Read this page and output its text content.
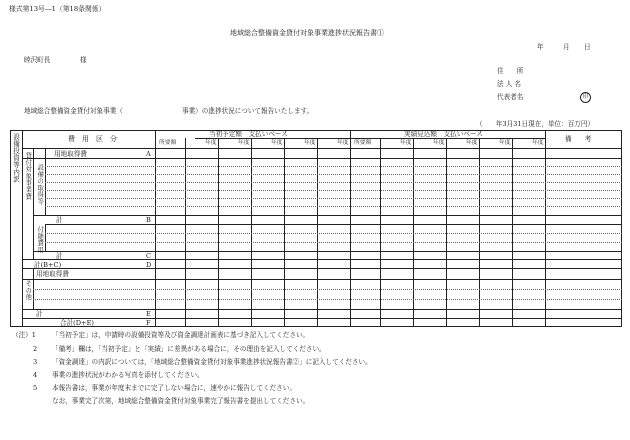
様式第13号―1（第18条関係）
地域総合整備資金貸付対象事業進捗状況報告書①
年	月 日
睦沢町長	様
住　　所
法 人 名
代表者名	印
地域総合整備資金貸付対象事業（	事業）の進捗状況について報告いたします。
（　　年3月31日現在，単位：百万円）
設備投資等内訳	費　用　区　分
当初予定額　支払いベース	実績見込額　支払いベース
備　　考
所要額	年度	年度	年度	年度	年度 所要額	年度	年度	年度	年度	年度
貸付対象事業費	用地取得費	A
設備の取得等
計	B
付随費用
計	C
計(B+C)	D
その他
用地取得費
計	E
合計(D+E)	F
（注）1 「当初予定」は，申請時の設備投資等及び資金調達計画表に基づき記入してください。
2 「備考」欄は，「当初予定」と「実績」に差異がある場合に，その理由を記入してください。
3 「資金調達」の内訳については，「地域総合整備資金貸付対象事業進捗状況報告書②」に記入してください。
4 事業の進捗状況がわかる写真を添付してください。
5 本報告書は，事業が年度末までに完了しない場合に，速やかに報告してください。
なお，事業完了次第，地域総合整備資金貸付対象事業完了報告書を提出してください。
